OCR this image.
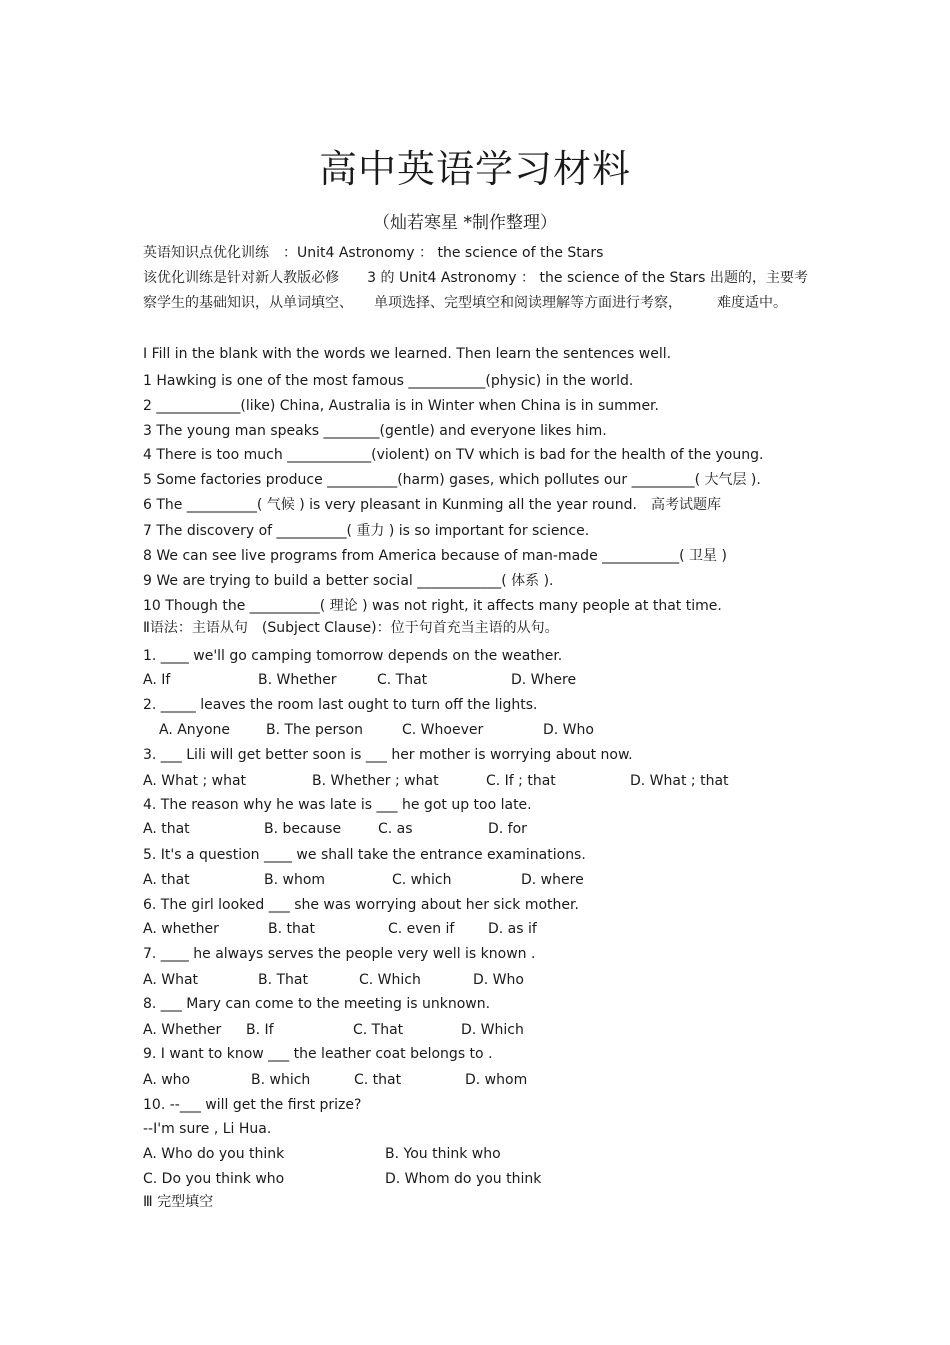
高中英语学习材料
（灿若寒星 *制作整理）
英语知识点优化训练　：Unit4 Astronomy ： the science of the Stars
该优化训练是针对新人教版必修　　3 的 Unit4 Astronomy ： the science of the Stars 出题的，主要考察学生的基础知识，从单词填空、　　单项选择、完型填空和阅读理解等方面进行考察，　　　难度适中。
Ⅰ Fill in the blank with the words we learned. Then learn the sentences well.
1 Hawking is one of the most famous ___________(physic) in the world.
2 ____________(like) China, Australia is in Winter when China is in summer.
3 The young man speaks ________(gentle) and everyone likes him.
4 There is too much ____________(violent) on TV which is bad for the health of the young.
5 Some factories produce __________(harm) gases, which pollutes our _________( 大气层 ).
6 The __________( 气候 ) is very pleasant in Kunming all the year round.　高考试题库
7 The discovery of __________( 重力 ) is so important for science.
8 We can see live programs from America because of man-made ___________( 卫星 )
9 We are trying to build a better social ____________( 体系 ).
10 Though the __________( 理论 ) was not right, it affects many people at that time.
Ⅱ语法：主语从句　(Subject Clause)：位于句首充当主语的从句。
1. ____ we'll go camping tomorrow depends on the weather.
A. If	B. Whether	C. That	D. Where
2. _____ leaves the room last ought to turn off the lights.
A. Anyone	B. The person	C. Whoever	D. Who
3. ___ Lili will get better soon is ___ her mother is worrying about now.
A. What ; what	B. Whether ; what	C. If ; that	D. What ; that
4. The reason why he was late is ___ he got up too late.
A. that	B. because	C. as	D. for
5. It's a question ____ we shall take the entrance examinations.
A. that	B. whom	C. which	D. where
6. The girl looked ___ she was worrying about her sick mother.
A. whether	B. that	C. even if D. as if
7. ____ he always serves the people very well is known .
A. What	B. That	C. Which	D. Who
8. ___ Mary can come to the meeting is unknown.
A. Whether B. If	C. That	D. Which
9. I want to know ___ the leather coat belongs to .
A. who	B. which	C. that	D. whom
10. --___ will get the first prize?
--I'm sure , Li Hua.
A. Who do you think	B. You think who
C. Do you think who	D. Whom do you think
Ⅲ 完型填空
